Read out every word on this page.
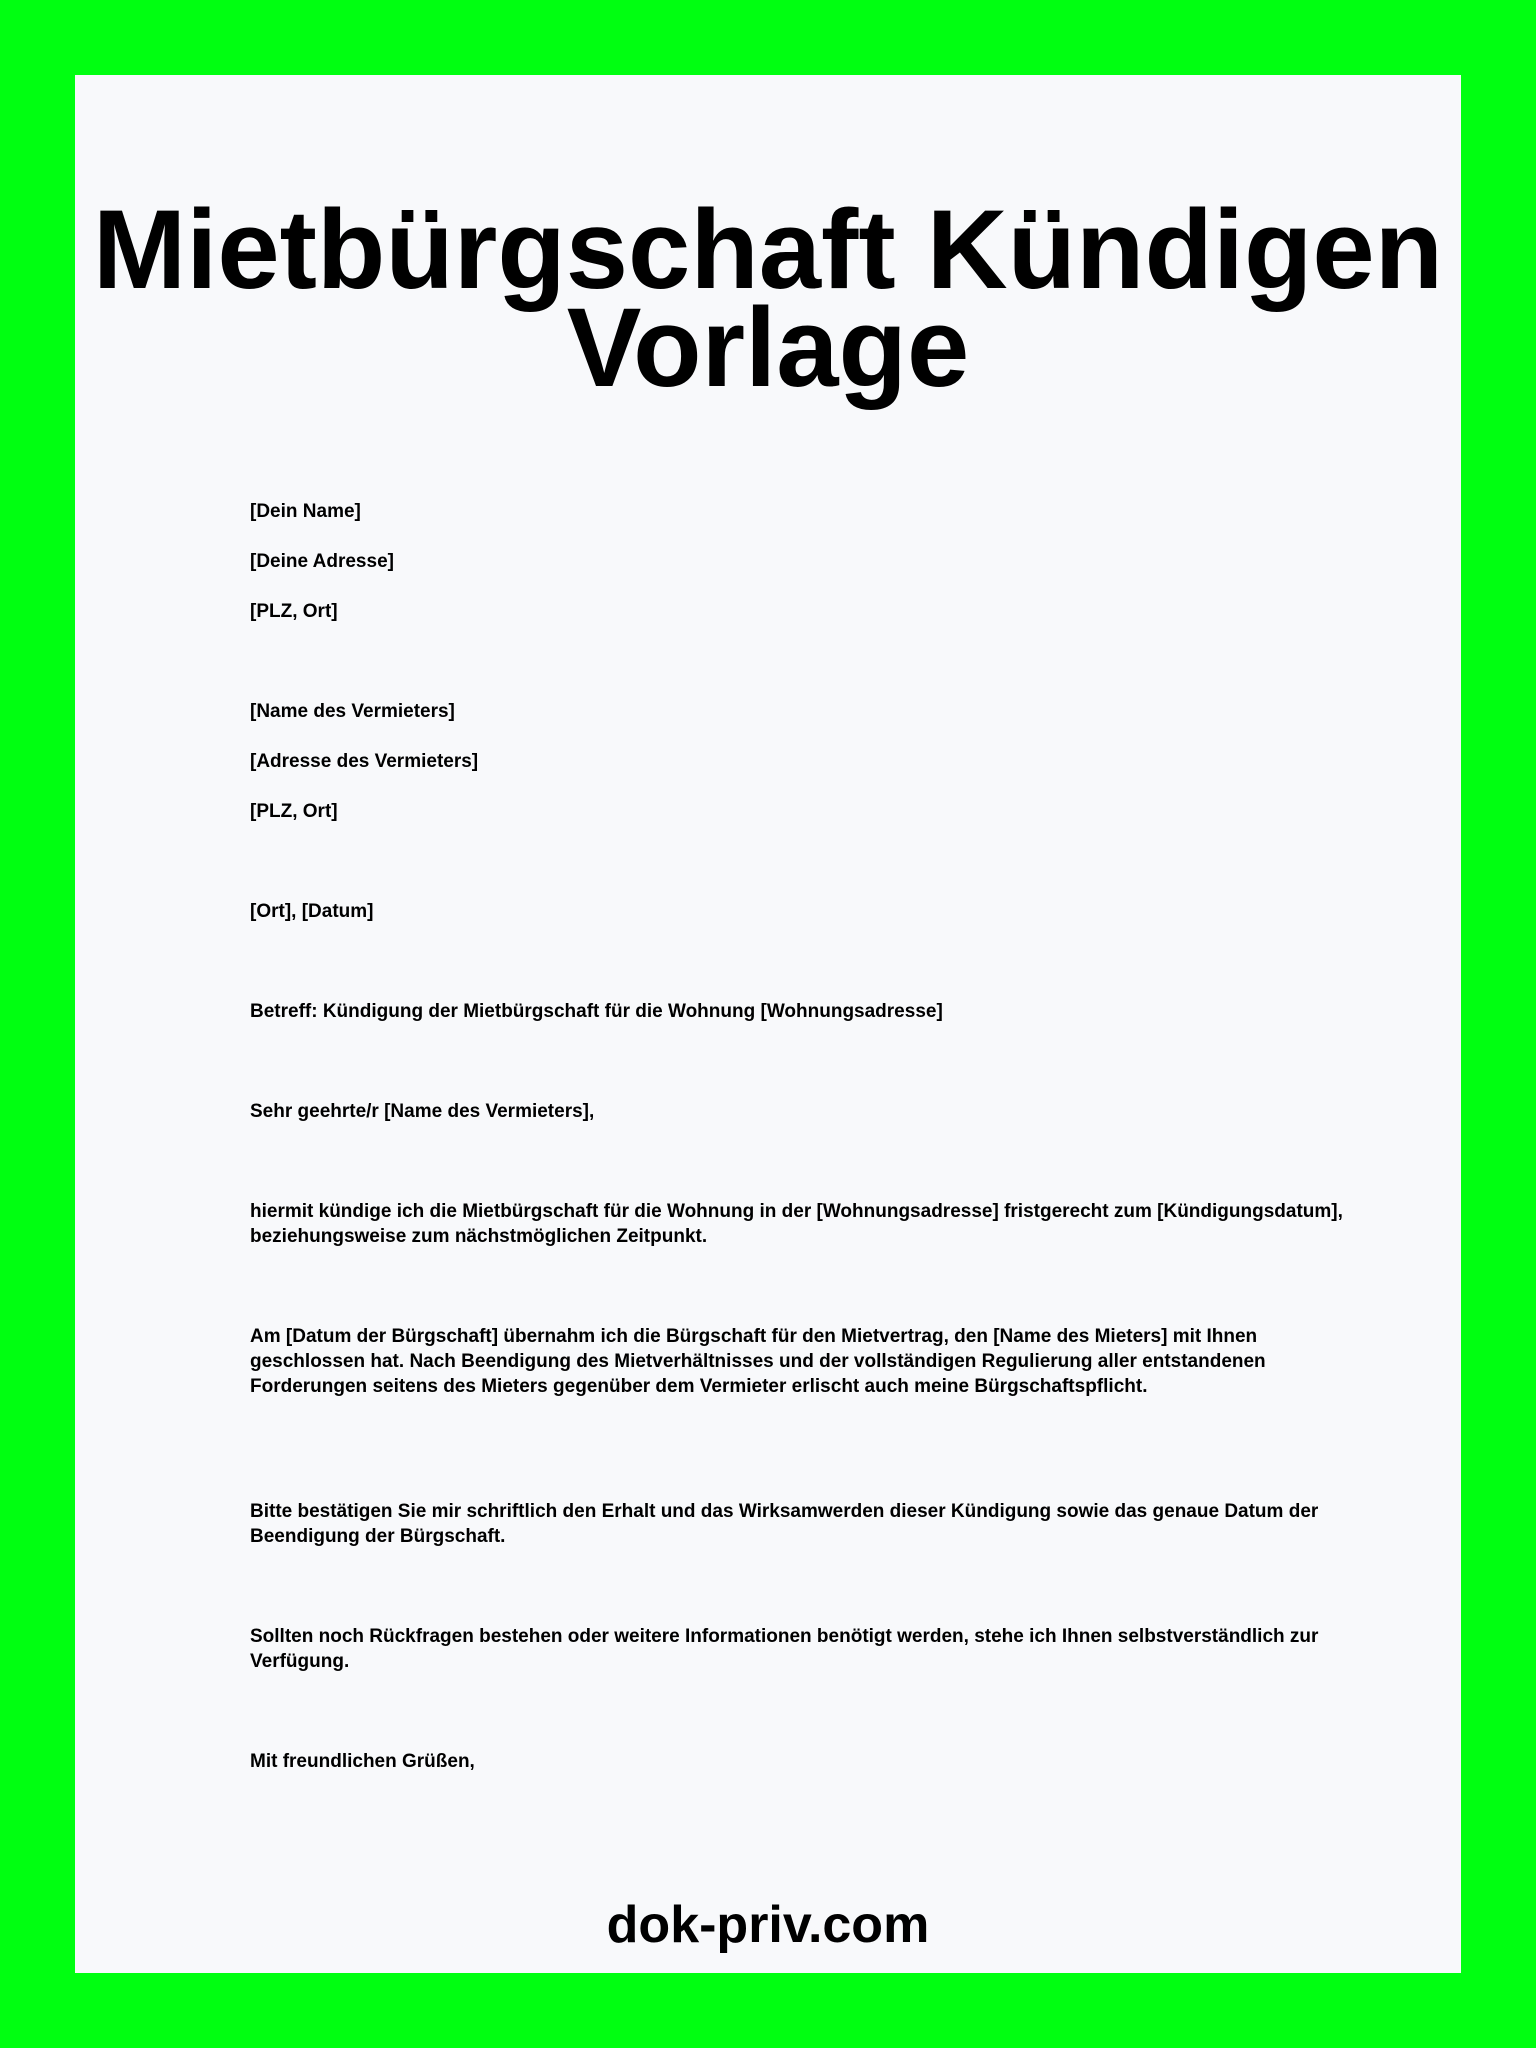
Mietbürgschaft Kündigen
Vorlage

[Dein Name]

[Deine Adresse]

[PLZ, Ort]

[Name des Vermieters]

[Adresse des Vermieters]

[PLZ, Ort]

[Ort], [Datum]

Betreff: Kündigung der Mietbürgschaft für die Wohnung [Wohnungsadresse]

Sehr geehrte/r [Name des Vermieters],

hiermit kündige ich die Mietbürgschaft für die Wohnung in der [Wohnungsadresse] fristgerecht zum [Kündigungsdatum], beziehungsweise zum nächstmöglichen Zeitpunkt.

Am [Datum der Bürgschaft] übernahm ich die Bürgschaft für den Mietvertrag, den [Name des Mieters] mit Ihnen geschlossen hat. Nach Beendigung des Mietverhältnisses und der vollständigen Regulierung aller entstandenen Forderungen seitens des Mieters gegenüber dem Vermieter erlischt auch meine Bürgschaftspflicht.

Bitte bestätigen Sie mir schriftlich den Erhalt und das Wirksamwerden dieser Kündigung sowie das genaue Datum der Beendigung der Bürgschaft.

Sollten noch Rückfragen bestehen oder weitere Informationen benötigt werden, stehe ich Ihnen selbstverständlich zur Verfügung.

Mit freundlichen Grüßen,

dok-priv.com
